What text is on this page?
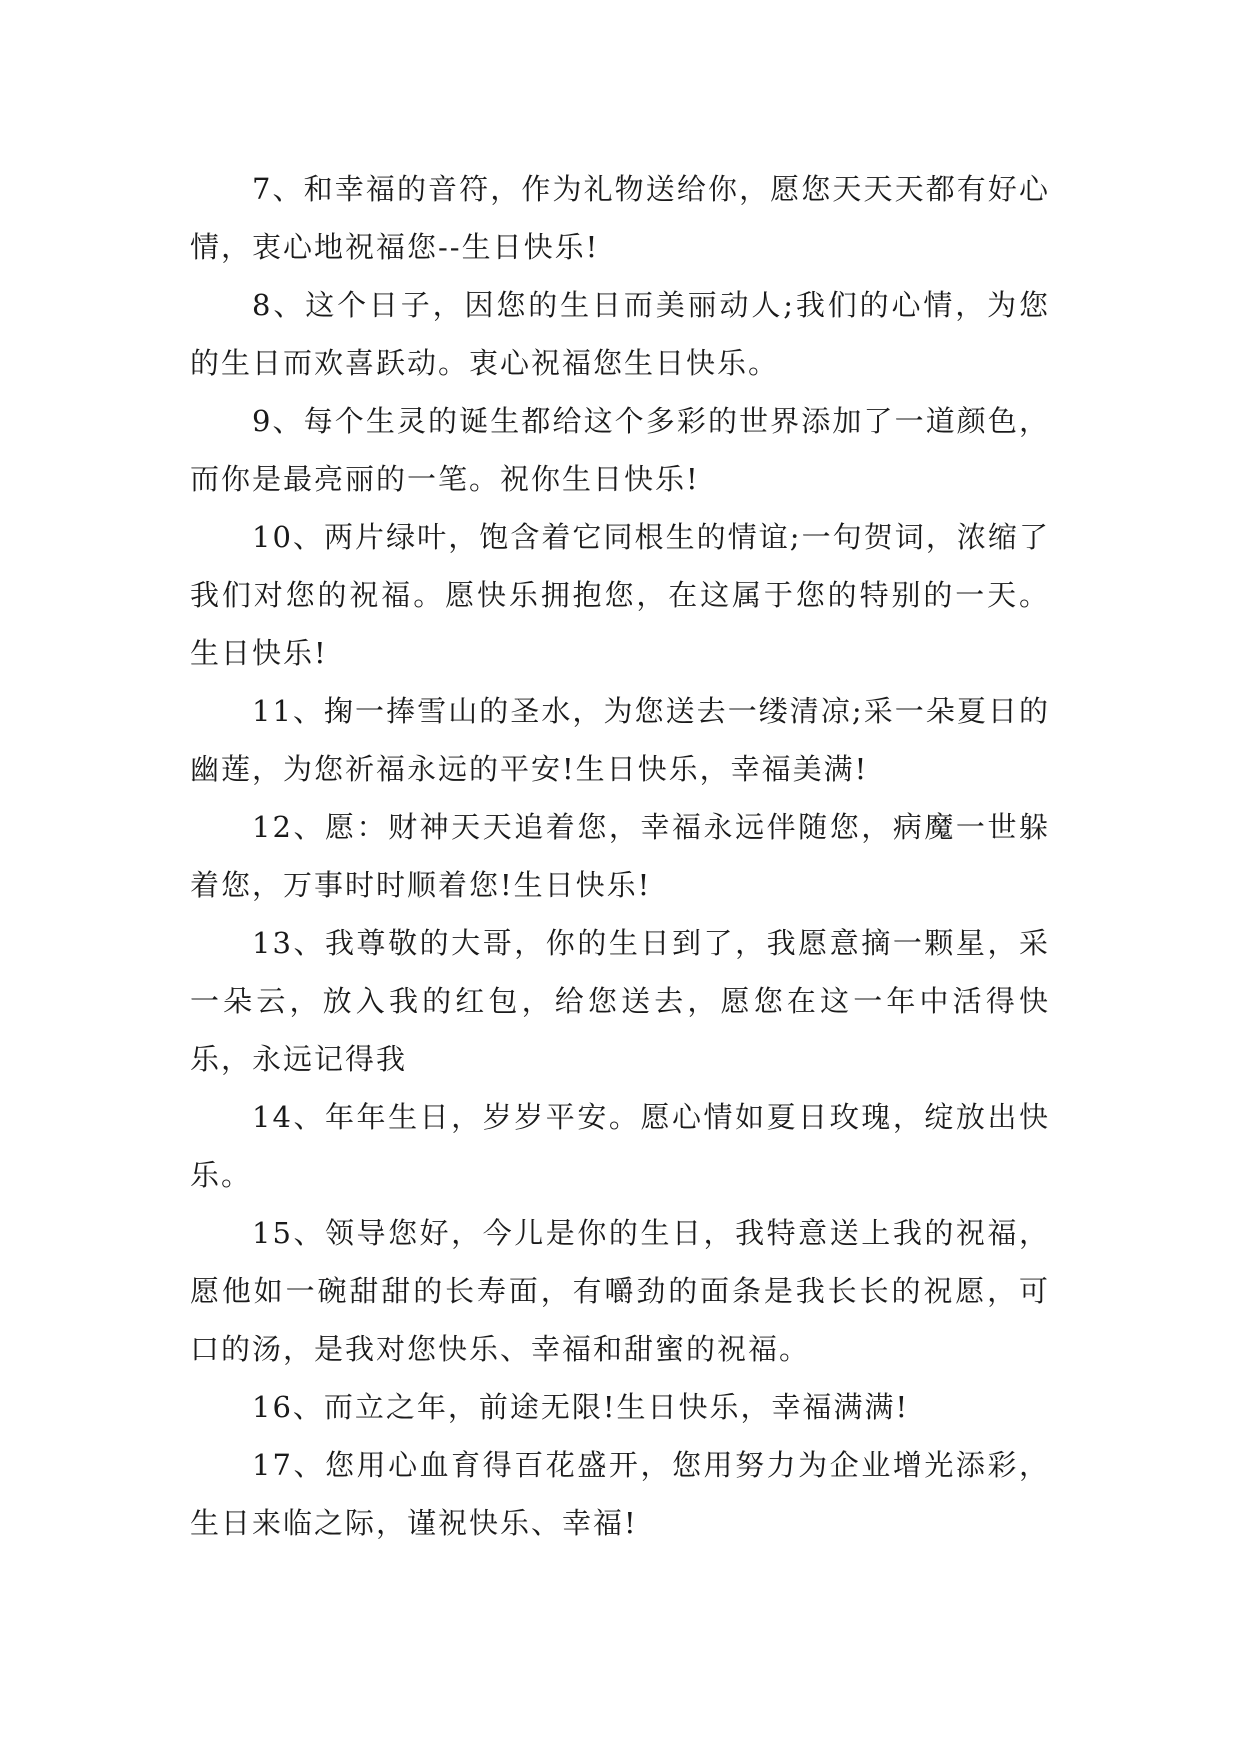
7、和幸福的音符，作为礼物送给你，愿您天天天都有好心情，衷心地祝福您--生日快乐!

8、这个日子，因您的生日而美丽动人;我们的心情，为您的生日而欢喜跃动。衷心祝福您生日快乐。

9、每个生灵的诞生都给这个多彩的世界添加了一道颜色，而你是最亮丽的一笔。祝你生日快乐!

10、两片绿叶，饱含着它同根生的情谊;一句贺词，浓缩了我们对您的祝福。愿快乐拥抱您，在这属于您的特别的一天。生日快乐!

11、掬一捧雪山的圣水，为您送去一缕清凉;采一朵夏日的幽莲，为您祈福永远的平安!生日快乐，幸福美满!

12、愿：财神天天追着您，幸福永远伴随您，病魔一世躲着您，万事时时顺着您!生日快乐!

13、我尊敬的大哥，你的生日到了，我愿意摘一颗星，采一朵云，放入我的红包，给您送去，愿您在这一年中活得快乐，永远记得我

14、年年生日，岁岁平安。愿心情如夏日玫瑰，绽放出快乐。

15、领导您好，今儿是你的生日，我特意送上我的祝福，愿他如一碗甜甜的长寿面，有嚼劲的面条是我长长的祝愿，可口的汤，是我对您快乐、幸福和甜蜜的祝福。

16、而立之年，前途无限!生日快乐，幸福满满!

17、您用心血育得百花盛开，您用努力为企业增光添彩，生日来临之际，谨祝快乐、幸福!
